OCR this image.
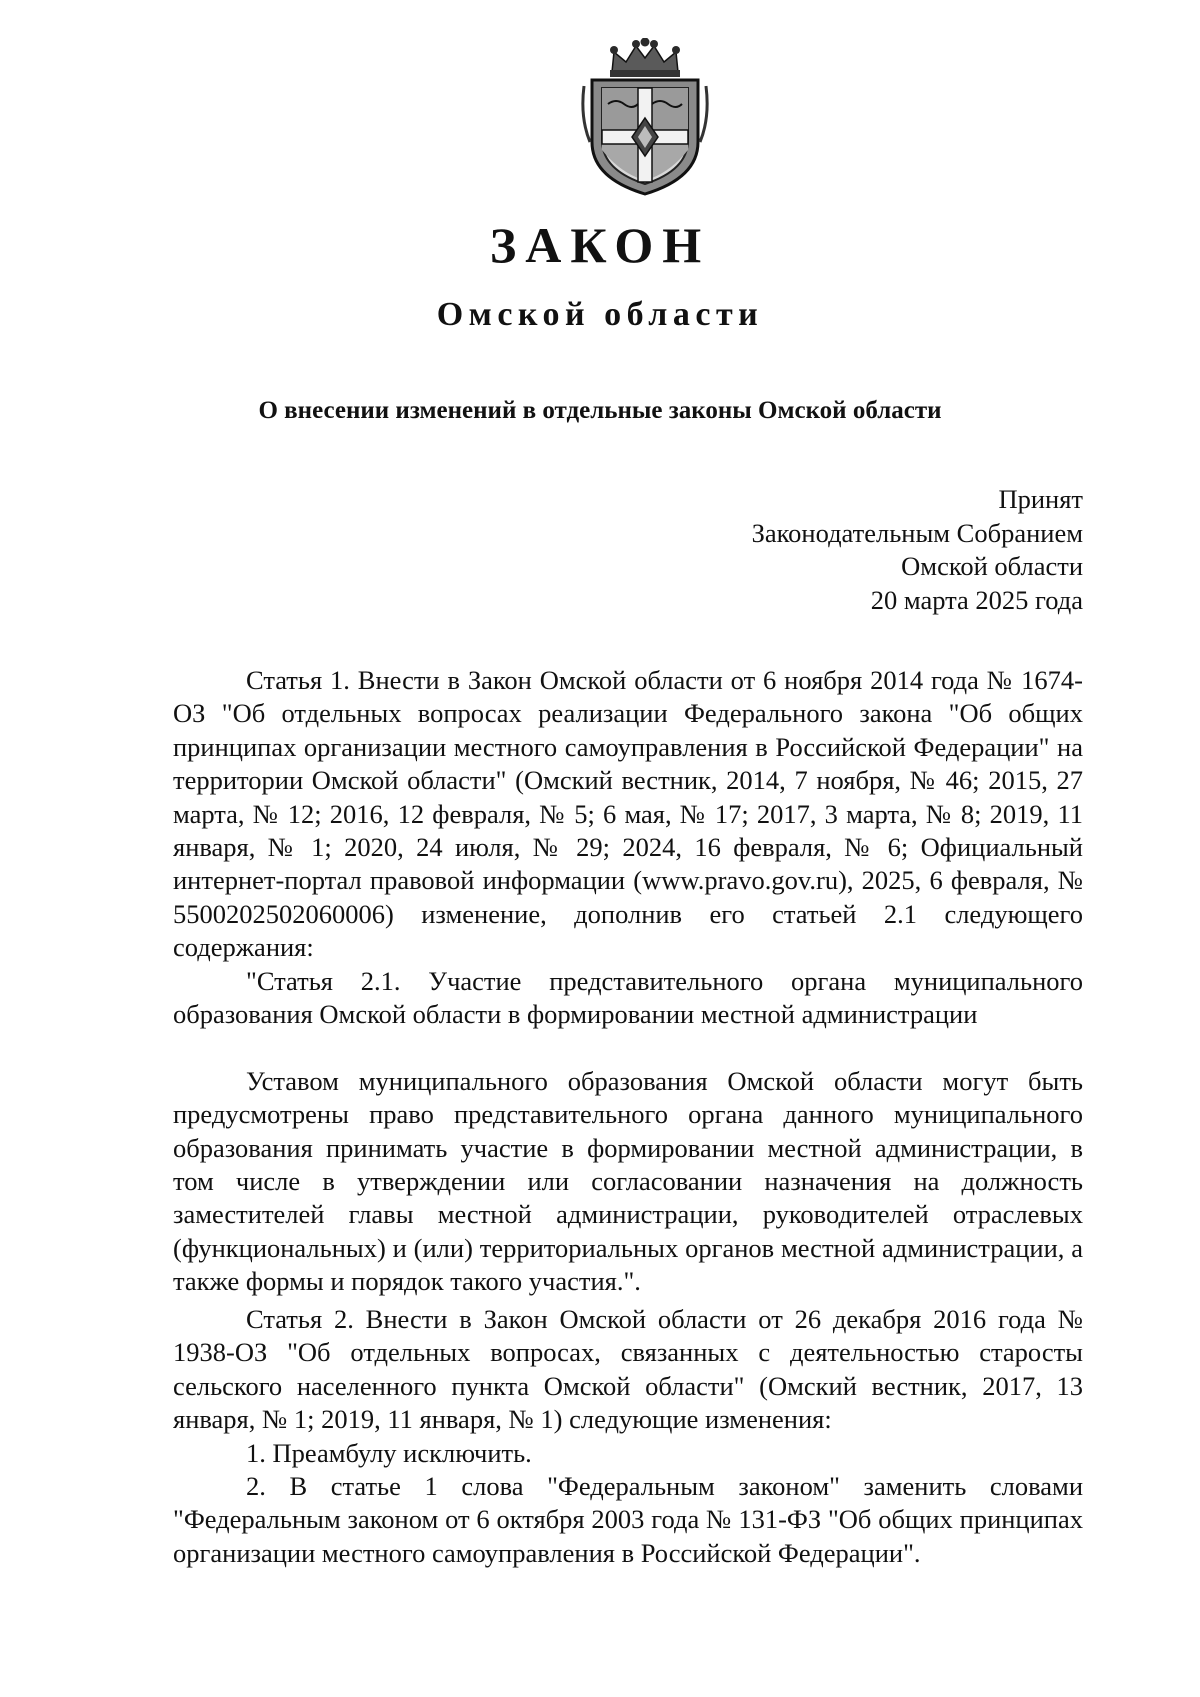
ЗАКОН
Омской области
О внесении изменений в отдельные законы Омской области
Принят
Законодательным Собранием
Омской области
20 марта 2025 года

Статья 1. Внести в Закон Омской области от 6 ноября 2014 года № 1674-ОЗ "Об отдельных вопросах реализации Федерального закона "Об общих принципах организации местного самоуправления в Российской Федерации" на территории Омской области" (Омский вестник, 2014, 7 ноября, № 46; 2015, 27 марта, № 12; 2016, 12 февраля, № 5; 6 мая, № 17; 2017, 3 марта, № 8; 2019, 11 января, № 1; 2020, 24 июля, № 29; 2024, 16 февраля, № 6; Официальный интернет-портал правовой информации (www.pravo.gov.ru), 2025, 6 февраля, № 5500202502060006) изменение, дополнив его статьей 2.1 следующего содержания:

"Статья 2.1. Участие представительного органа муниципального образования Омской области в формировании местной администрации

Уставом муниципального образования Омской области могут быть предусмотрены право представительного органа данного муниципального образования принимать участие в формировании местной администрации, в том числе в утверждении или согласовании назначения на должность заместителей главы местной администрации, руководителей отраслевых (функциональных) и (или) территориальных органов местной администрации, а также формы и порядок такого участия.".

Статья 2. Внести в Закон Омской области от 26 декабря 2016 года № 1938-ОЗ "Об отдельных вопросах, связанных с деятельностью старосты сельского населенного пункта Омской области" (Омский вестник, 2017, 13 января, № 1; 2019, 11 января, № 1) следующие изменения:

1. Преамбулу исключить.

2. В статье 1 слова "Федеральным законом" заменить словами "Федеральным законом от 6 октября 2003 года № 131-ФЗ "Об общих принципах организации местного самоуправления в Российской Федерации".
